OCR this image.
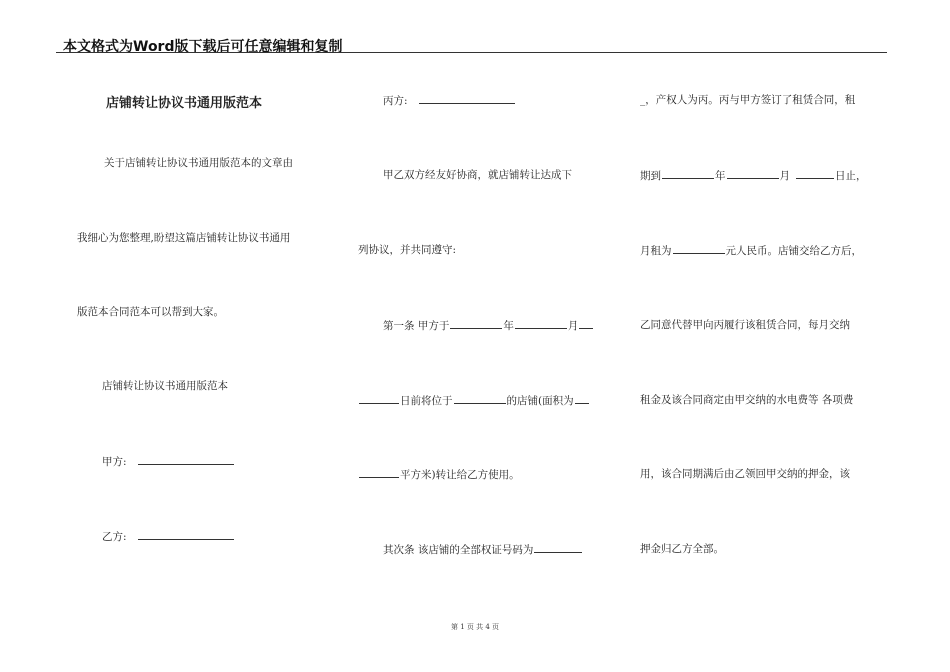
本文格式为Word版下载后可任意编辑和复制
店铺转让协议书通用版范本
关于店铺转让协议书通用版范本的文章由
我细心为您整理,盼望这篇店铺转让协议书通用
版范本合同范本可以帮到大家。
店铺转让协议书通用版范本
甲方:
乙方:
丙方:
甲乙双方经友好协商，就店铺转让达成下
列协议，并共同遵守:
第一条 甲方于	年	月
日前将位于	的店铺(面积为
平方米)转让给乙方使用。
其次条 该店铺的全部权证号码为
_，产权人为丙。丙与甲方签订了租赁合同，租
期到	年	月	日止，
月租为	元人民币。店铺交给乙方后，
乙同意代替甲向丙履行该租赁合同，每月交纳
租金及该合同商定由甲交纳的水电费等 各项费
用，该合同期满后由乙领回甲交纳的押金，该
押金归乙方全部。
第 1 页 共 4 页
